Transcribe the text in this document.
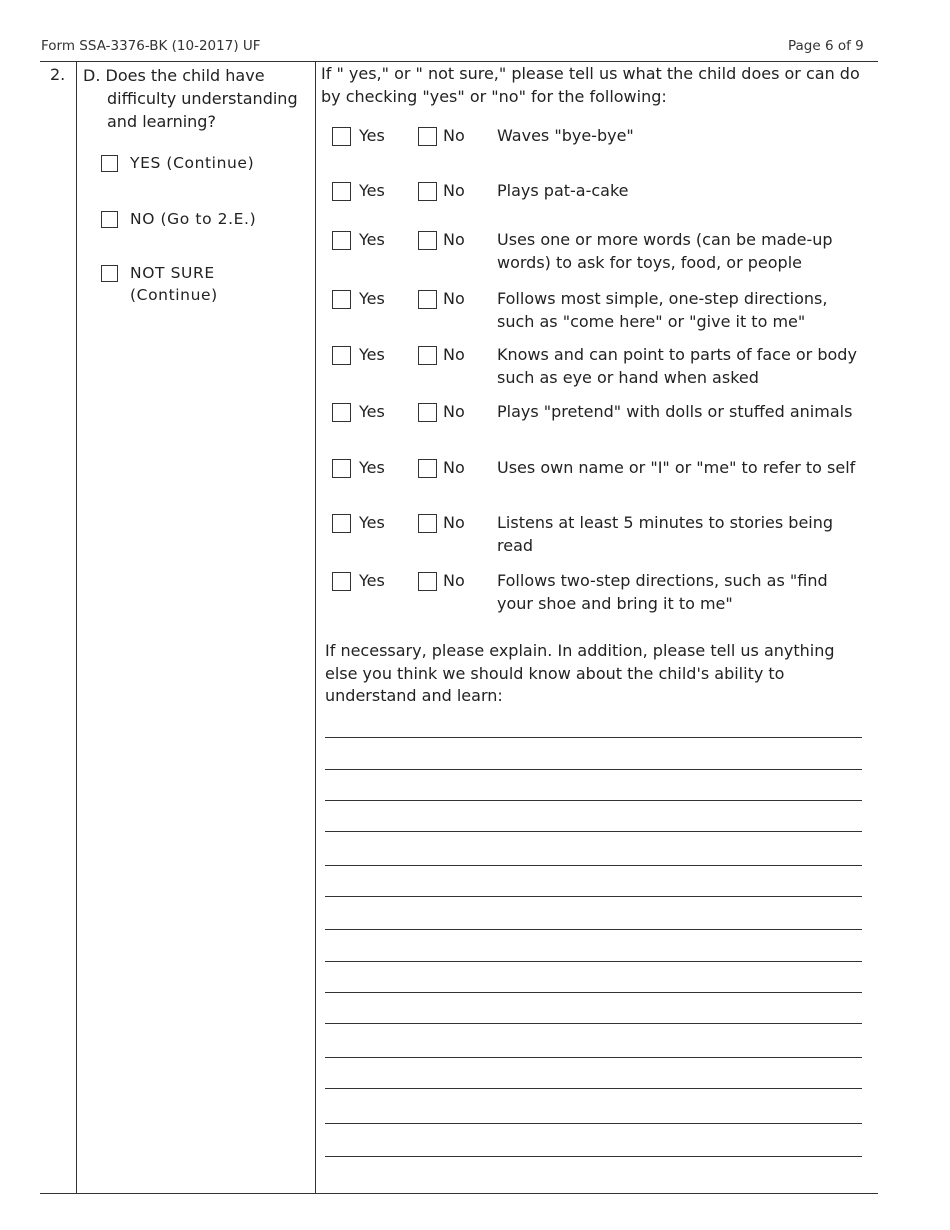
Form SSA-3376-BK (10-2017) UF	Page 6 of 9
2. D. Does the child have
difficulty understanding and learning?
YES (Continue)
NO (Go to 2.E.)
NOT SURE (Continue)
If " yes," or " not sure," please tell us what the child does or can do by checking "yes" or "no" for the following:
Yes	No Waves "bye-bye"
Yes	No Plays pat-a-cake
Yes	No Uses one or more words (can be made-up words) to ask for toys, food, or people
Yes	No Follows most simple, one-step directions, such as "come here" or "give it to me"
Yes	No Knows and can point to parts of face or body such as eye or hand when asked
Yes	No Plays "pretend" with dolls or stuffed animals
Yes	No Uses own name or "I" or "me" to refer to self
Yes	No Listens at least 5 minutes to stories being read
Yes	No Follows two-step directions, such as "find your shoe and bring it to me"
If necessary, please explain. In addition, please tell us anything else you think we should know about the child's ability to understand and learn:
